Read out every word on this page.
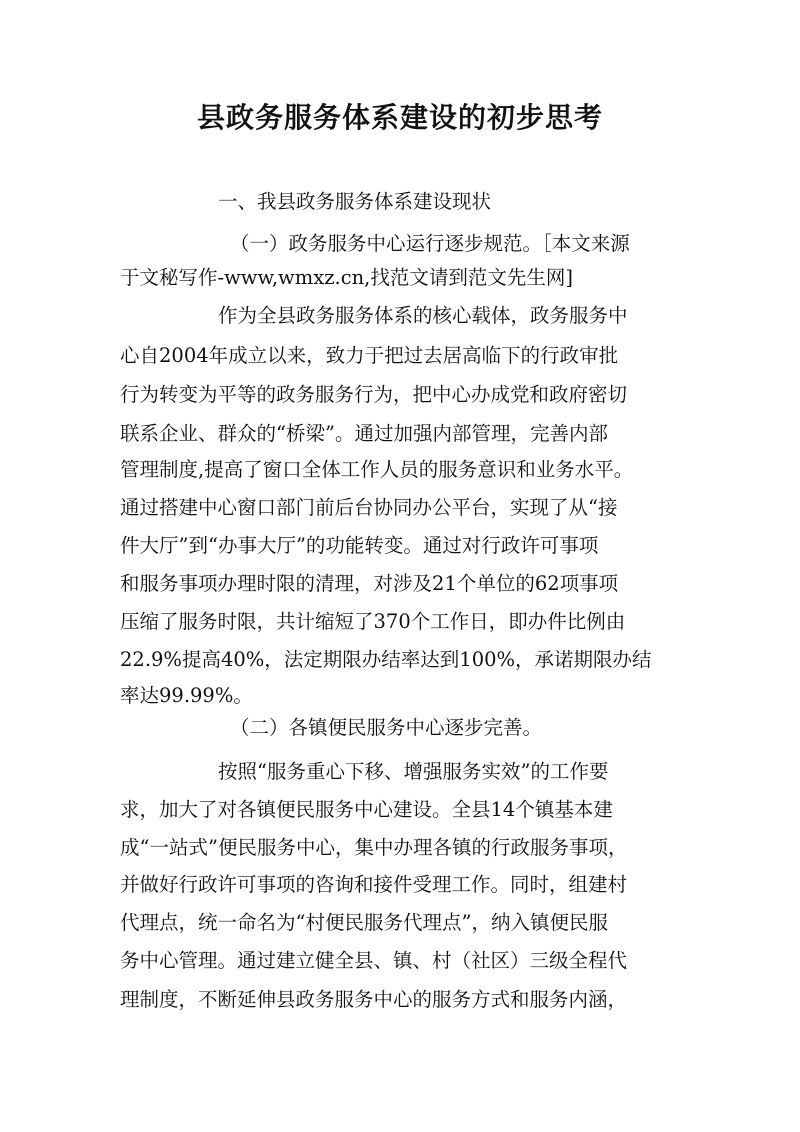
县政务服务体系建设的初步思考
一、我县政务服务体系建设现状
（一）政务服务中心运行逐步规范。［本文来源
于文秘写作-www,wmxz.cn,找范文请到范文先生网]
作为全县政务服务体系的核心载体，政务服务中
心自2004年成立以来，致力于把过去居高临下的行政审批
行为转变为平等的政务服务行为，把中心办成党和政府密切
联系企业、群众的“桥梁”。通过加强内部管理，完善内部
管理制度,提高了窗口全体工作人员的服务意识和业务水平。
通过搭建中心窗口部门前后台协同办公平台，实现了从“接
件大厅”到“办事大厅”的功能转变。通过对行政许可事项
和服务事项办理时限的清理，对涉及21个单位的62项事项
压缩了服务时限，共计缩短了370个工作日，即办件比例由
22.9%提高40%，法定期限办结率达到100%，承诺期限办结
率达99.99%。
（二）各镇便民服务中心逐步完善。
按照“服务重心下移、增强服务实效”的工作要
求，加大了对各镇便民服务中心建设。全县14个镇基本建
成“一站式”便民服务中心，集中办理各镇的行政服务事项，
并做好行政许可事项的咨询和接件受理工作。同时，组建村
代理点，统一命名为“村便民服务代理点”，纳入镇便民服
务中心管理。通过建立健全县、镇、村（社区）三级全程代
理制度，不断延伸县政务服务中心的服务方式和服务内涵，
